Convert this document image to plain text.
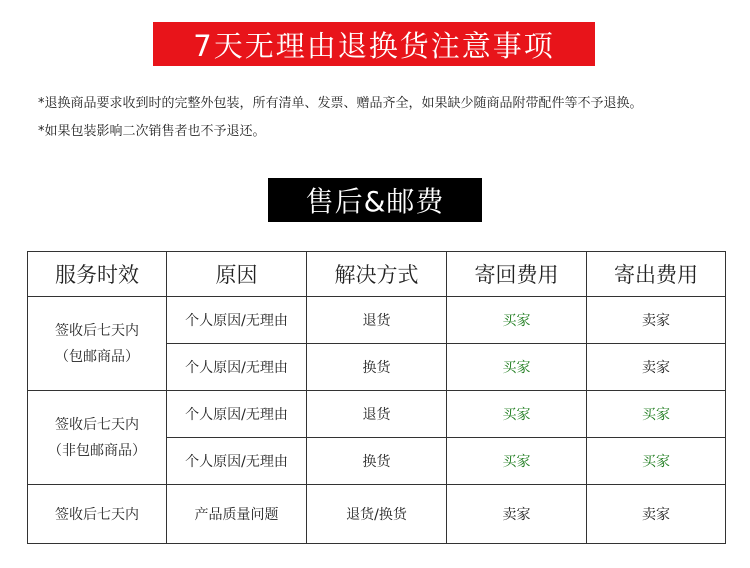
7天无理由退换货注意事项
*退换商品要求收到时的完整外包装，所有清单、发票、赠品齐全，如果缺少随商品附带配件等不予退换。
*如果包装影响二次销售者也不予退还。
售后&邮费
服务时效	原因	解决方式	寄回费用	寄出费用

签收后七天内
（包邮商品）	个人原因/无理由	退货	买家	卖家
	个人原因/无理由	换货	买家	卖家

签收后七天内
（非包邮商品）	个人原因/无理由	退货	买家	买家
	个人原因/无理由	换货	买家	买家

签收后七天内	产品质量问题	退货/换货	卖家	卖家
